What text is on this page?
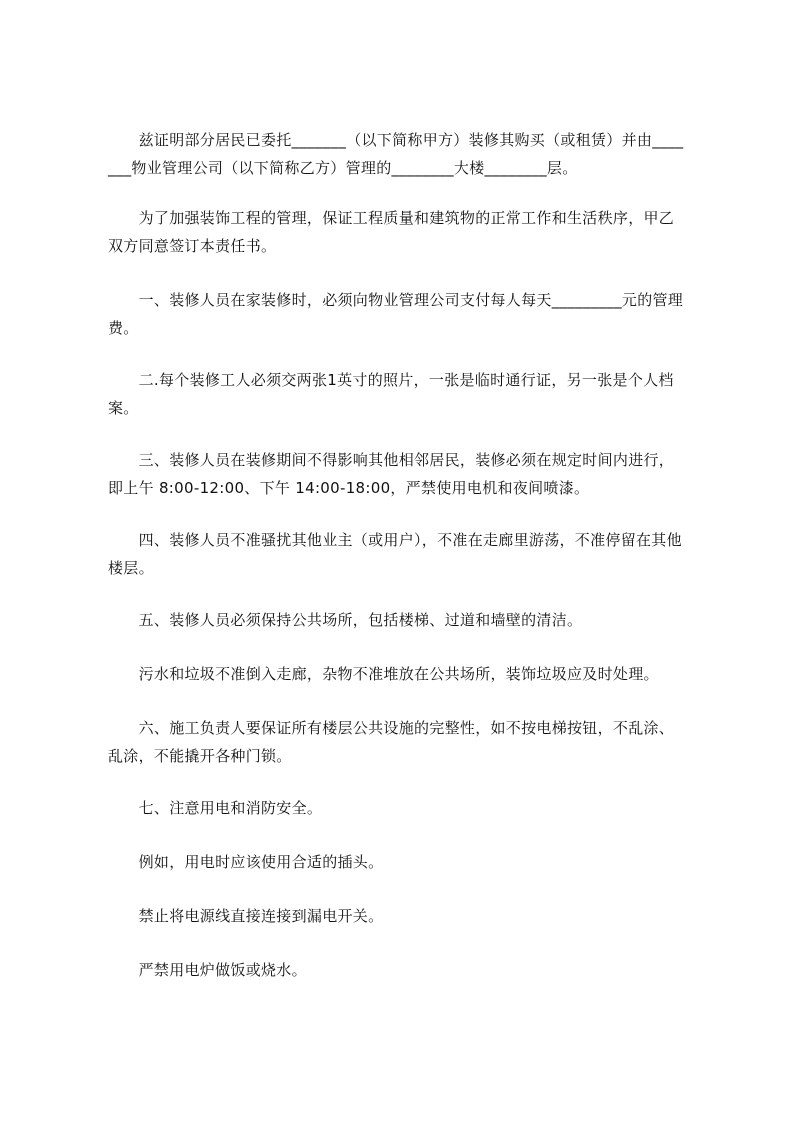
　　兹证明部分居民已委托_______（以下简称甲方）装修其购买（或租赁）并由_______物业管理公司（以下简称乙方）管理的________大楼________层。

　　为了加强装饰工程的管理，保证工程质量和建筑物的正常工作和生活秩序，甲乙双方同意签订本责任书。

　　一、装修人员在家装修时，必须向物业管理公司支付每人每天_________元的管理费。

　　二.每个装修工人必须交两张1英寸的照片，一张是临时通行证，另一张是个人档案。

　　三、装修人员在装修期间不得影响其他相邻居民，装修必须在规定时间内进行，即上午 8:00-12:00、下午 14:00-18:00，严禁使用电机和夜间喷漆。

　　四、装修人员不准骚扰其他业主（或用户），不准在走廊里游荡，不准停留在其他楼层。

　　五、装修人员必须保持公共场所，包括楼梯、过道和墙壁的清洁。

　　污水和垃圾不准倒入走廊，杂物不准堆放在公共场所，装饰垃圾应及时处理。

　　六、施工负责人要保证所有楼层公共设施的完整性，如不按电梯按钮，不乱涂、乱涂，不能撬开各种门锁。

　　七、注意用电和消防安全。

　　例如，用电时应该使用合适的插头。

　　禁止将电源线直接连接到漏电开关。

　　严禁用电炉做饭或烧水。
